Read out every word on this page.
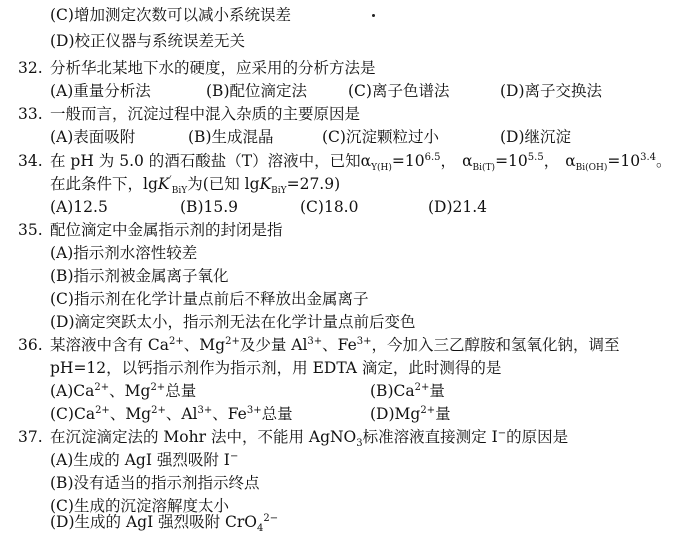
(C)增加测定次数可以减小系统误差
(D)校正仪器与系统误差无关
32. 分析华北某地下水的硬度，应采用的分析方法是
(A)重量分析法	(B)配位滴定法	(C)离子色谱法	(D)离子交换法
33. 一般而言，沉淀过程中混入杂质的主要原因是
(A)表面吸附	(B)生成混晶	(C)沉淀颗粒过小	(D)继沉淀
34. 在 pH 为 5.0 的酒石酸盐（T）溶液中，已知$\alpha_{Y(H)}=10^{6.5}$， $\alpha_{Bi(T)}=10^{5.5}$， $\alpha_{Bi(OH)}=10^{3.4}$。
在此条件下，lgK′$_{BiY}$为(已知 lgK$_{BiY}$=27.9)
(A)12.5	(B)15.9	(C)18.0	(D)21.4
35. 配位滴定中金属指示剂的封闭是指
(A)指示剂水溶性较差
(B)指示剂被金属离子氧化
(C)指示剂在化学计量点前后不释放出金属离子
(D)滴定突跃太小，指示剂无法在化学计量点前后变色
36. 某溶液中含有 $Ca^{2+}$、$Mg^{2+}$及少量 $Al^{3+}$、$Fe^{3+}$，今加入三乙醇胺和氢氧化钠，调至
pH=12，以钙指示剂作为指示剂，用 EDTA 滴定，此时测得的是
$(A)Ca^{2+}$、$Mg^{2+}$总量	$(B)Ca^{2+}$量
$(C)Ca^{2+}$、$Mg^{2+}$、$Al^{3+}$、$Fe^{3+}$总量	$(D)Mg^{2+}$量
37. 在沉淀滴定法的 Mohr 法中，不能用 AgNO$_3$标准溶液直接测定 I−的原因是
(A)生成的 AgI 强烈吸附 I−
(B)没有适当的指示剂指示终点
(C)生成的沉淀溶解度太小
(D)生成的 AgI 强烈吸附 CrO$_4^{2-}$
